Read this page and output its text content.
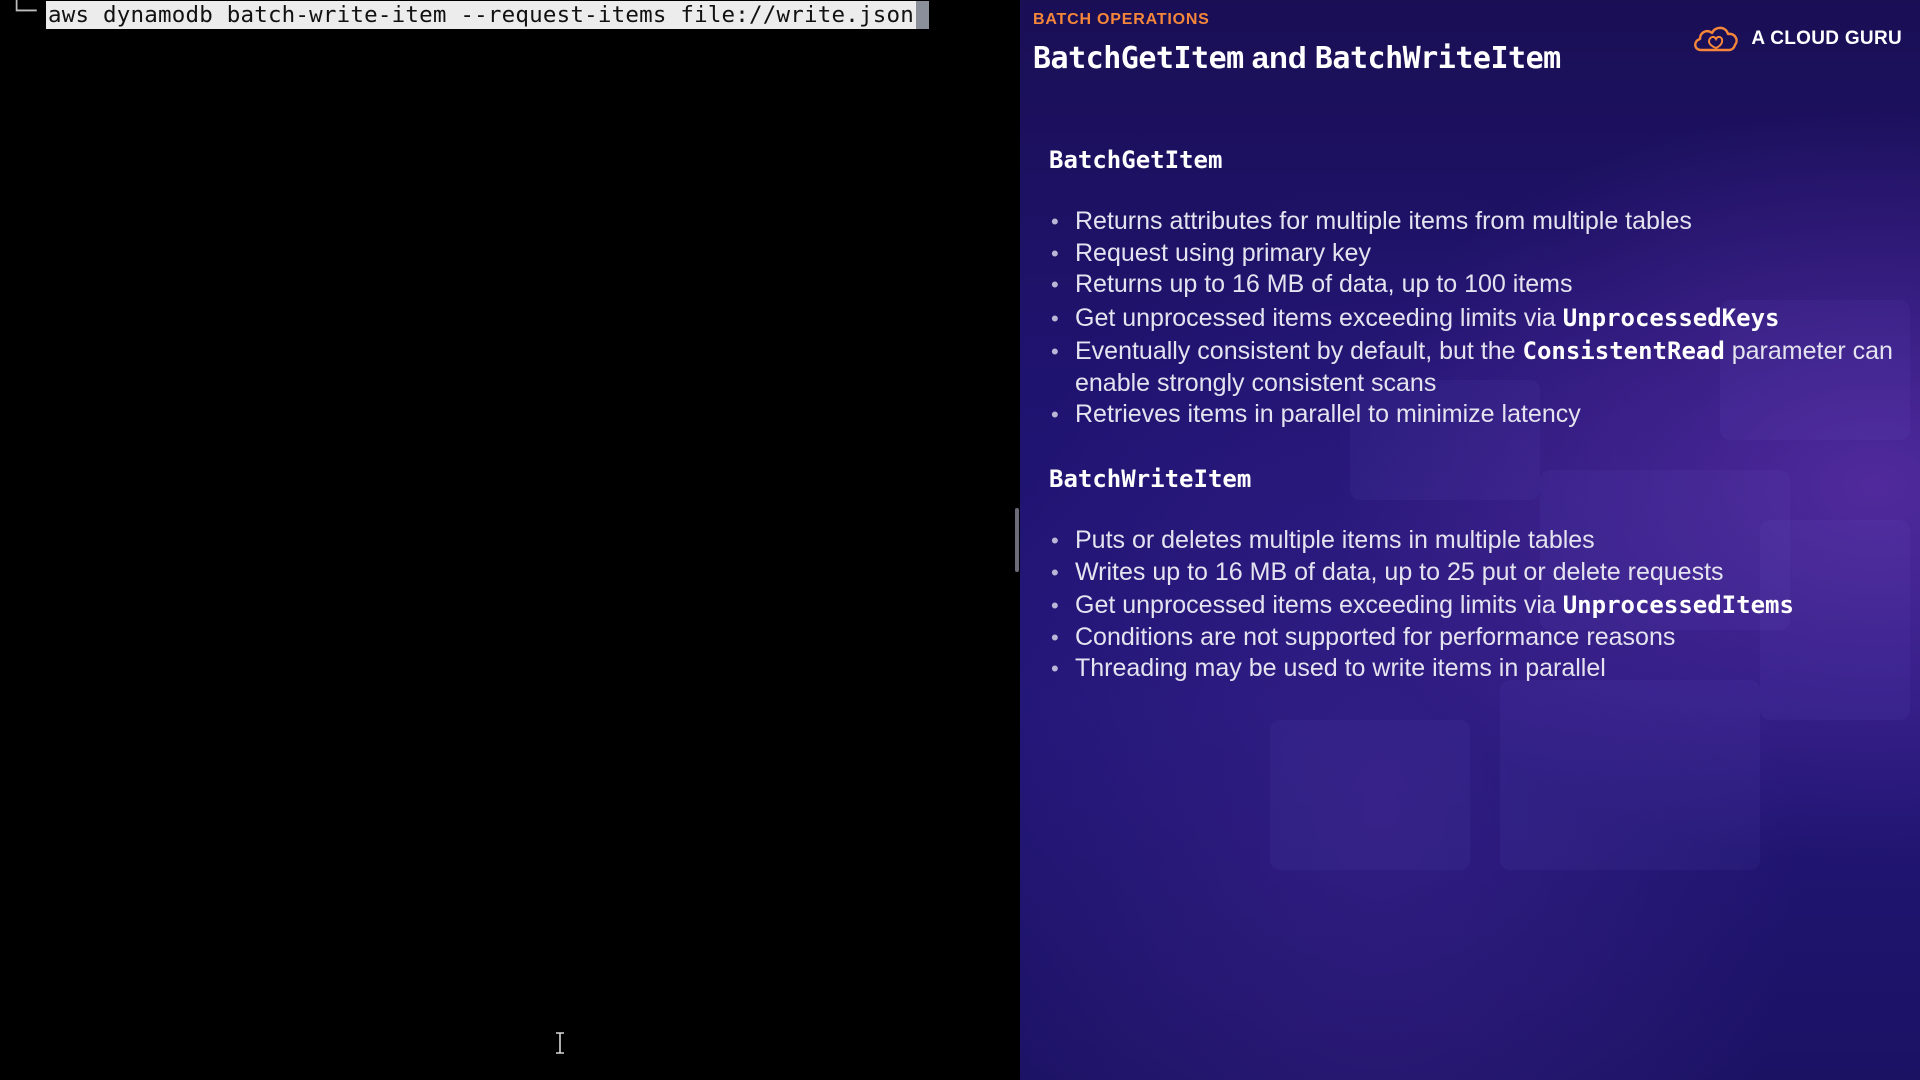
└─ aws dynamodb batch-write-item --request-items file://write.json	BATCH OPERATIONS
BatchGetItem and BatchWriteItem
A CLOUD GURU
BatchGetItem
• Returns attributes for multiple items from multiple tables
• Request using primary key
• Returns up to 16 MB of data, up to 100 items
• Get unprocessed items exceeding limits via UnprocessedKeys
• Eventually consistent by default, but the ConsistentRead parameter can enable strongly consistent scans
• Retrieves items in parallel to minimize latency
BatchWriteItem
• Puts or deletes multiple items in multiple tables
• Writes up to 16 MB of data, up to 25 put or delete requests
• Get unprocessed items exceeding limits via UnprocessedItems
• Conditions are not supported for performance reasons
• Threading may be used to write items in parallel
